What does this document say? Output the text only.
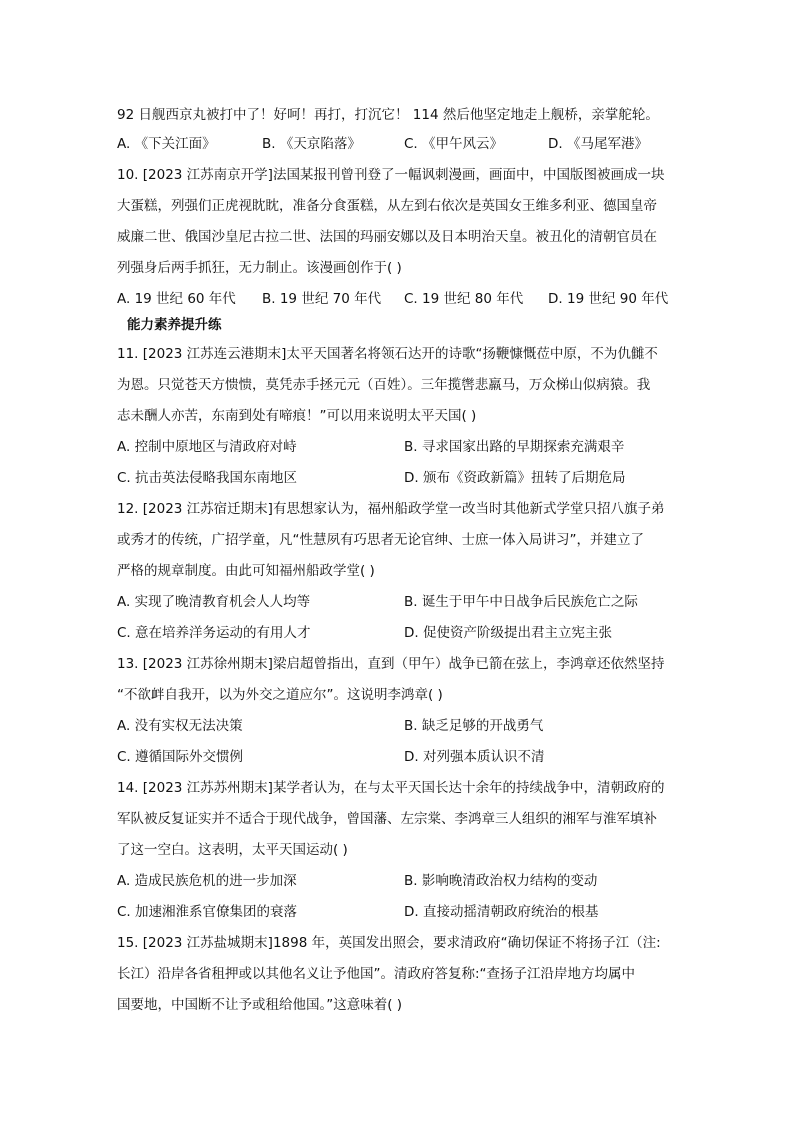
92 日舰西京丸被打中了！好呵！再打，打沉它！ 114 然后他坚定地走上舰桥，亲掌舵轮。
A. 《下关江面》	B. 《天京陷落》	C. 《甲午风云》	D. 《马尾军港》
10. [2023 江苏南京开学]法国某报刊曾刊登了一幅讽刺漫画，画面中，中国版图被画成一块
大蛋糕，列强们正虎视眈眈，准备分食蛋糕，从左到右依次是英国女王维多利亚、德国皇帝
威廉二世、俄国沙皇尼古拉二世、法国的玛丽安娜以及日本明治天皇。被丑化的清朝官员在
列强身后两手抓狂，无力制止。该漫画创作于( )
A. 19 世纪 60 年代 B. 19 世纪 70 年代 C. 19 世纪 80 年代 D. 19 世纪 90 年代
能力素养提升练
11. [2023 江苏连云港期末]太平天国著名将领石达开的诗歌“扬鞭慷慨莅中原，不为仇雠不
为恩。只觉苍天方愦愦，莫凭赤手拯元元（百姓）。三年揽辔悲羸马，万众梯山似病猿。我
志未酬人亦苦，东南到处有啼痕！”可以用来说明太平天国( )
A. 控制中原地区与清政府对峙	B. 寻求国家出路的早期探索充满艰辛
C. 抗击英法侵略我国东南地区	D. 颁布《资政新篇》扭转了后期危局
12. [2023 江苏宿迁期末]有思想家认为，福州船政学堂一改当时其他新式学堂只招八旗子弟
或秀才的传统，广招学童，凡“性慧夙有巧思者无论官绅、士庶一体入局讲习”，并建立了
严格的规章制度。由此可知福州船政学堂( )
A. 实现了晚清教育机会人人均等	B. 诞生于甲午中日战争后民族危亡之际
C. 意在培养洋务运动的有用人才	D. 促使资产阶级提出君主立宪主张
13. [2023 江苏徐州期末]梁启超曾指出，直到（甲午）战争已箭在弦上，李鸿章还依然坚持
“不欲衅自我开，以为外交之道应尔”。这说明李鸿章( )
A. 没有实权无法决策	B. 缺乏足够的开战勇气
C. 遵循国际外交惯例	D. 对列强本质认识不清
14. [2023 江苏苏州期末]某学者认为，在与太平天国长达十余年的持续战争中，清朝政府的
军队被反复证实并不适合于现代战争，曾国藩、左宗棠、李鸿章三人组织的湘军与淮军填补
了这一空白。这表明，太平天国运动( )
A. 造成民族危机的进一步加深	B. 影响晚清政治权力结构的变动
C. 加速湘淮系官僚集团的衰落	D. 直接动摇清朝政府统治的根基
15. [2023 江苏盐城期末]1898 年，英国发出照会，要求清政府“确切保证不将扬子江（注:
长江）沿岸各省租押或以其他名义让予他国”。清政府答复称:“查扬子江沿岸地方均属中
国要地，中国断不让予或租给他国。”这意味着( )
